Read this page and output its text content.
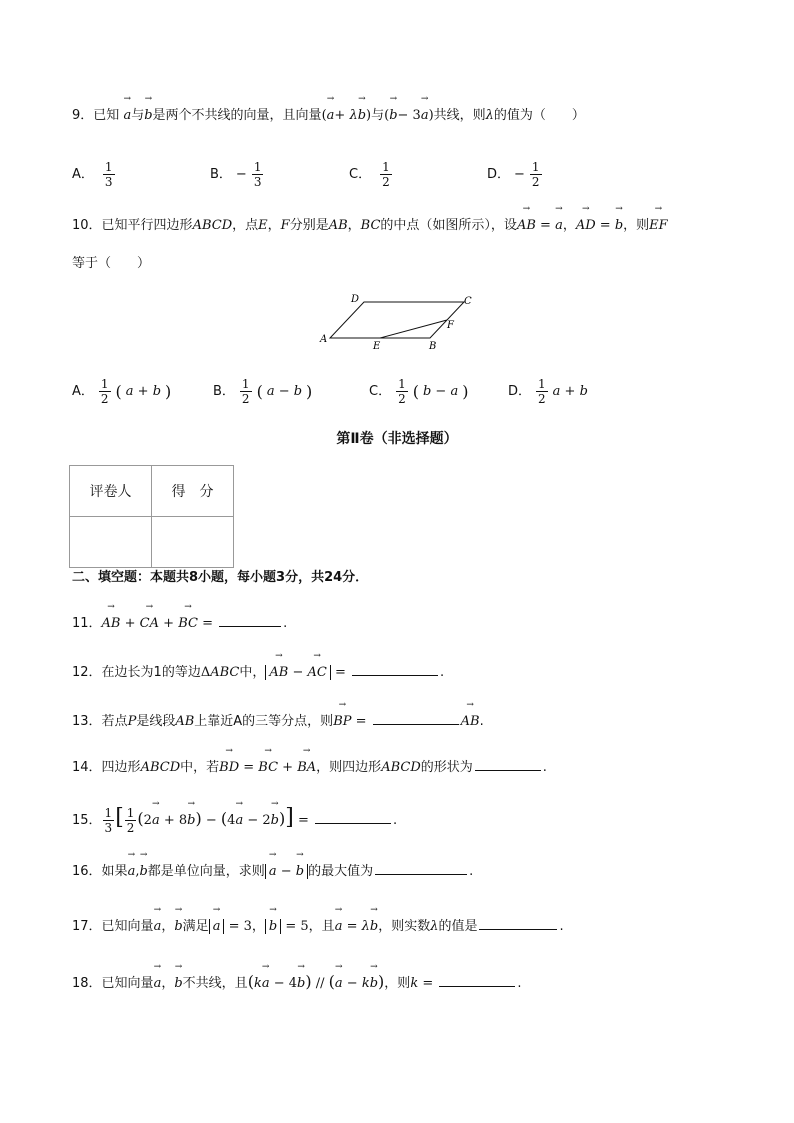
9．已知 → a与→ b是两个不共线的向量，且向量(→ a+ λ→ b)与(→ b− 3→ a)共线，则λ的值为（　　）
A． $\frac{1}{3}$	B． − $\frac{1}{3}$	C． $\frac{1}{2}$	D． − $\frac{1}{2}$
10．已知平行四边形ABCD，点E，F分别是AB，BC的中点（如图所示），设→ AB = → a，→ AD = → b，则→ EF
等于（　　）
A
B
C
D
E
F
A． $\frac{1}{2}$ ( a + b )	B． $\frac{1}{2}$ ( a − b )	C． $\frac{1}{2}$ ( b − a )	D． $\frac{1}{2}$ a + b
第Ⅱ卷（非选择题）
评卷人	得　分

二、填空题：本题共8小题，每小题3分，共24分．
11．→ AB + → CA + → BC =	.
12．在边长为1的等边ΔABC中， → AB − → AC =	.
13．若点P是线段AB上靠近A的三等分点，则→ BP =	→ AB.
14．四边形ABCD中，若→ BD = → BC + → BA，则四边形ABCD的形状为	.
15． $\frac{1}{3}$ [ $\frac{1}{2} (2\to a + 8\to b) - (4\to a - 2\to b)$] =	.
16．如果→ a,→ b都是单位向量，求则 → a − → b 的最大值为	.
17．已知向量→ a，→ b满足 → a = 3， → b = 5，且→ a = λ→ b，则实数λ的值是	.
18．已知向量→ a，→ b不共线，且(k→ a − 4→ b) // (→ a − k→ b)，则k =	.
